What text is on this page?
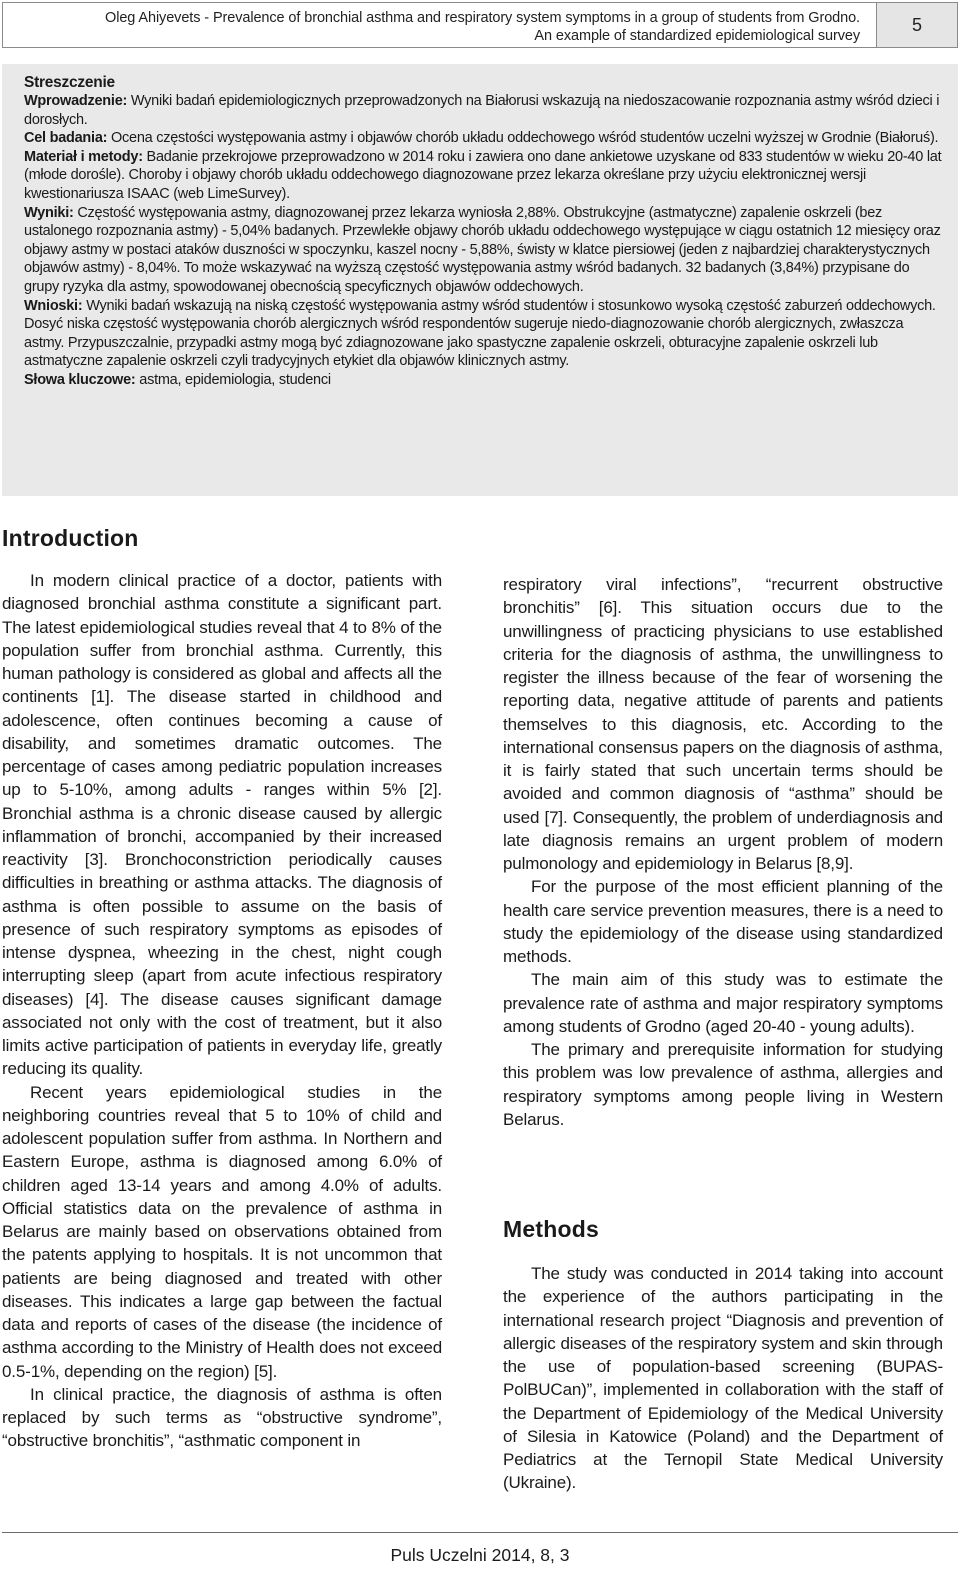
Oleg Ahiyevets - Prevalence of bronchial asthma and respiratory system symptoms in a group of students from Grodno.
An example of standardized epidemiological survey
5

Streszczenie

Wprowadzenie: Wyniki badań epidemiologicznych przeprowadzonych na Białorusi wskazują na niedoszacowanie rozpoznania astmy wśród dzieci i dorosłych.

Cel badania: Ocena częstości występowania astmy i objawów chorób układu oddechowego wśród studentów uczelni wyższej w Grodnie (Białoruś).

Materiał i metody: Badanie przekrojowe przeprowadzono w 2014 roku i zawiera ono dane ankietowe uzyskane od 833 studentów w wieku 20-40 lat (młode dorośle). Choroby i objawy chorób układu oddechowego diagnozowane przez lekarza określane przy użyciu elektronicznej wersji kwestionariusza ISAAC (web LimeSurvey).

Wyniki: Częstość występowania astmy, diagnozowanej przez lekarza wyniosła 2,88%. Obstrukcyjne (astmatyczne) zapalenie oskrzeli (bez ustalonego rozpoznania astmy) - 5,04% badanych. Przewlekłe objawy chorób układu oddechowego występujące w ciągu ostatnich 12 miesięcy oraz objawy astmy w postaci ataków duszności w spoczynku, kaszel nocny - 5,88%, świsty w klatce piersiowej (jeden z najbardziej charakterystycznych objawów astmy) - 8,04%. To może wskazywać na wyższą częstość występowania astmy wśród badanych. 32 badanych (3,84%) przypisane do grupy ryzyka dla astmy, spowodowanej obecnością specyficznych objawów oddechowych.

Wnioski: Wyniki badań wskazują na niską częstość występowania astmy wśród studentów i stosunkowo wysoką częstość zaburzeń oddechowych. Dosyć niska częstość występowania chorób alergicznych wśród respondentów sugeruje niedo-diagnozowanie chorób alergicznych, zwłaszcza astmy. Przypuszczalnie, przypadki astmy mogą być zdiagnozowane jako spastyczne zapalenie oskrzeli, obturacyjne zapalenie oskrzeli lub astmatyczne zapalenie oskrzeli czyli tradycyjnych etykiet dla objawów klinicznych astmy.

Słowa kluczowe: astma, epidemiologia, studenci

Introduction

In modern clinical practice of a doctor, patients with diagnosed bronchial asthma constitute a significant part. The latest epidemiological studies reveal that 4 to 8% of the population suffer from bronchial asthma. Currently, this human pathology is considered as global and affects all the continents [1]. The disease started in childhood and adolescence, often continues becoming a cause of disability, and sometimes dramatic outcomes. The percentage of cases among pediatric population increases up to 5-10%, among adults - ranges within 5% [2]. Bronchial asthma is a chronic disease caused by allergic inflammation of bronchi, accompanied by their increased reactivity [3]. Bronchoconstriction periodically causes difficulties in breathing or asthma attacks. The diagnosis of asthma is often possible to assume on the basis of presence of such respiratory symptoms as episodes of intense dyspnea, wheezing in the chest, night cough interrupting sleep (apart from acute infectious respiratory diseases) [4]. The disease causes significant damage associated not only with the cost of treatment, but it also limits active participation of patients in everyday life, greatly reducing its quality.

Recent years epidemiological studies in the neighboring countries reveal that 5 to 10% of child and adolescent population suffer from asthma. In Northern and Eastern Europe, asthma is diagnosed among 6.0% of children aged 13-14 years and among 4.0% of adults. Official statistics data on the prevalence of asthma in Belarus are mainly based on observations obtained from the patents applying to hospitals. It is not uncommon that patients are being diagnosed and treated with other diseases. This indicates a large gap between the factual data and reports of cases of the disease (the incidence of asthma according to the Ministry of Health does not exceed 0.5-1%, depending on the region) [5].

In clinical practice, the diagnosis of asthma is often replaced by such terms as “obstructive syndrome”, “obstructive bronchitis”, “asthmatic component in

respiratory viral infections”, “recurrent obstructive bronchitis” [6]. This situation occurs due to the unwillingness of practicing physicians to use established criteria for the diagnosis of asthma, the unwillingness to register the illness because of the fear of worsening the reporting data, negative attitude of parents and patients themselves to this diagnosis, etc. According to the international consensus papers on the diagnosis of asthma, it is fairly stated that such uncertain terms should be avoided and common diagnosis of “asthma” should be used [7]. Consequently, the problem of underdiagnosis and late diagnosis remains an urgent problem of modern pulmonology and epidemiology in Belarus [8,9].

For the purpose of the most efficient planning of the health care service prevention measures, there is a need to study the epidemiology of the disease using standardized methods.

The main aim of this study was to estimate the prevalence rate of asthma and major respiratory symptoms among students of Grodno (aged 20-40 - young adults).

The primary and prerequisite information for studying this problem was low prevalence of asthma, allergies and respiratory symptoms among people living in Western Belarus.

Methods

The study was conducted in 2014 taking into account the experience of the authors participating in the international research project “Diagnosis and prevention of allergic diseases of the respiratory system and skin through the use of population-based screening (BUPAS-PolBUCan)”, implemented in collaboration with the staff of the Department of Epidemiology of the Medical University of Silesia in Katowice (Poland) and the Department of Pediatrics at the Ternopil State Medical University (Ukraine).

Puls Uczelni 2014, 8, 3
